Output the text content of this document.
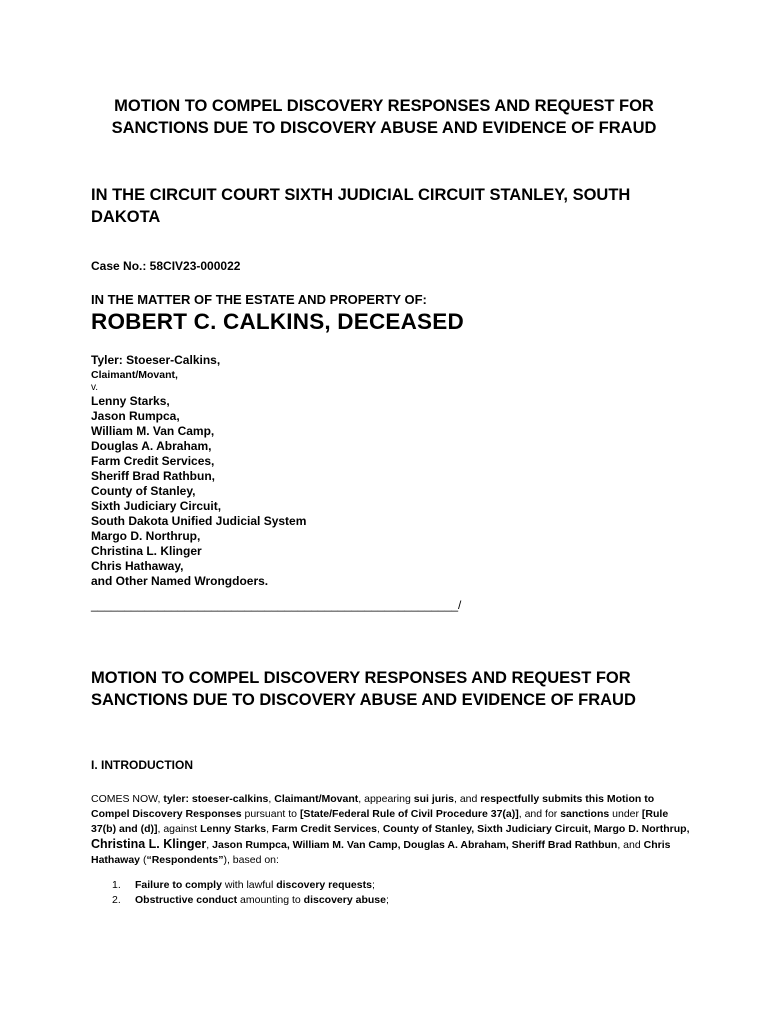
MOTION TO COMPEL DISCOVERY RESPONSES AND REQUEST FOR
SANCTIONS DUE TO DISCOVERY ABUSE AND EVIDENCE OF FRAUD
IN THE CIRCUIT COURT SIXTH JUDICIAL CIRCUIT STANLEY, SOUTH
DAKOTA
Case No.: 58CIV23-000022
IN THE MATTER OF THE ESTATE AND PROPERTY OF:
ROBERT C. CALKINS, DECEASED
Tyler: Stoeser-Calkins,
Claimant/Movant,
v.
Lenny Starks,
Jason Rumpca,
William M. Van Camp,
Douglas A. Abraham,
Farm Credit Services,
Sheriff Brad Rathbun,
County of Stanley,
Sixth Judiciary Circuit,
South Dakota Unified Judicial System
Margo D. Northrup,
Christina L. Klinger
Chris Hathaway,
and Other Named Wrongdoers.
_______________________________________________________/
MOTION TO COMPEL DISCOVERY RESPONSES AND REQUEST FOR
SANCTIONS DUE TO DISCOVERY ABUSE AND EVIDENCE OF FRAUD
I. INTRODUCTION
COMES NOW, tyler: stoeser-calkins, Claimant/Movant, appearing sui juris, and respectfully submits this Motion to Compel Discovery Responses pursuant to [State/Federal Rule of Civil Procedure 37(a)], and for sanctions under [Rule 37(b) and (d)], against Lenny Starks, Farm Credit Services, County of Stanley, Sixth Judiciary Circuit, Margo D. Northrup, Christina L. Klinger, Jason Rumpca, William M. Van Camp, Douglas A. Abraham, Sheriff Brad Rathbun, and Chris Hathaway (“Respondents”), based on:
1.	Failure to comply with lawful discovery requests;
2.	Obstructive conduct amounting to discovery abuse;
